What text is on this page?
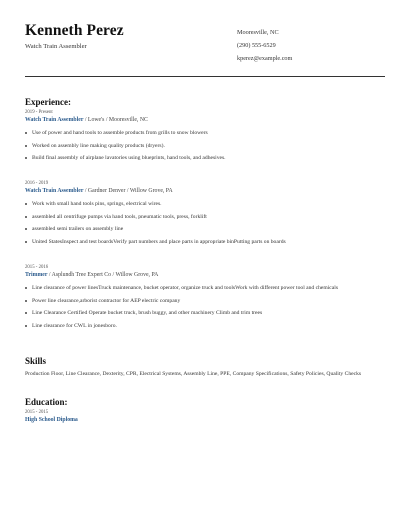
Kenneth Perez
Watch Train Assembler
Mooresville, NC
(290) 555-6529
kperez@example.com
Experience:
2019 - Present
Watch Train Assembler / Lowe's / Mooresville, NC
Use of power and hand tools to assemble products from grills to snow blowers
Worked on assembly line making quality products (dryers).
Build final assembly of airplane lavatories using blueprints, hand tools, and adhesives.
2016 - 2019
Watch Train Assembler / Gardner Denver / Willow Grove, PA
Work with small hand tools pins, springs, electrical wires.
assembled all centrifuge pumps via hand tools, pneumatic tools, press, forklift
assembled semi trailers on assembly line
United StatesInspect and test boardsVerify part numbers and place parts in appropriate binPutting parts on boards
2015 - 2016
Trimmer / Asplundh Tree Expert Co / Willow Grove, PA
Line clearance of power linesTruck maintenance, bucket operator, organize truck and toolsWork with different power tool and chemicals
Power line clearance,arborist contractor for AEP electric company
Line Clearance Certified Operate bucket truck, brush buggy, and other machinery Climb and trim trees
Line clearance for CWL in jonesboro.
Skills
Production Floor, Line Clearance, Dexterity, CPR, Electrical Systems, Assembly Line, PPE, Company Specifications, Safety Policies, Quality Checks
Education:
2015 - 2015
High School Diploma
